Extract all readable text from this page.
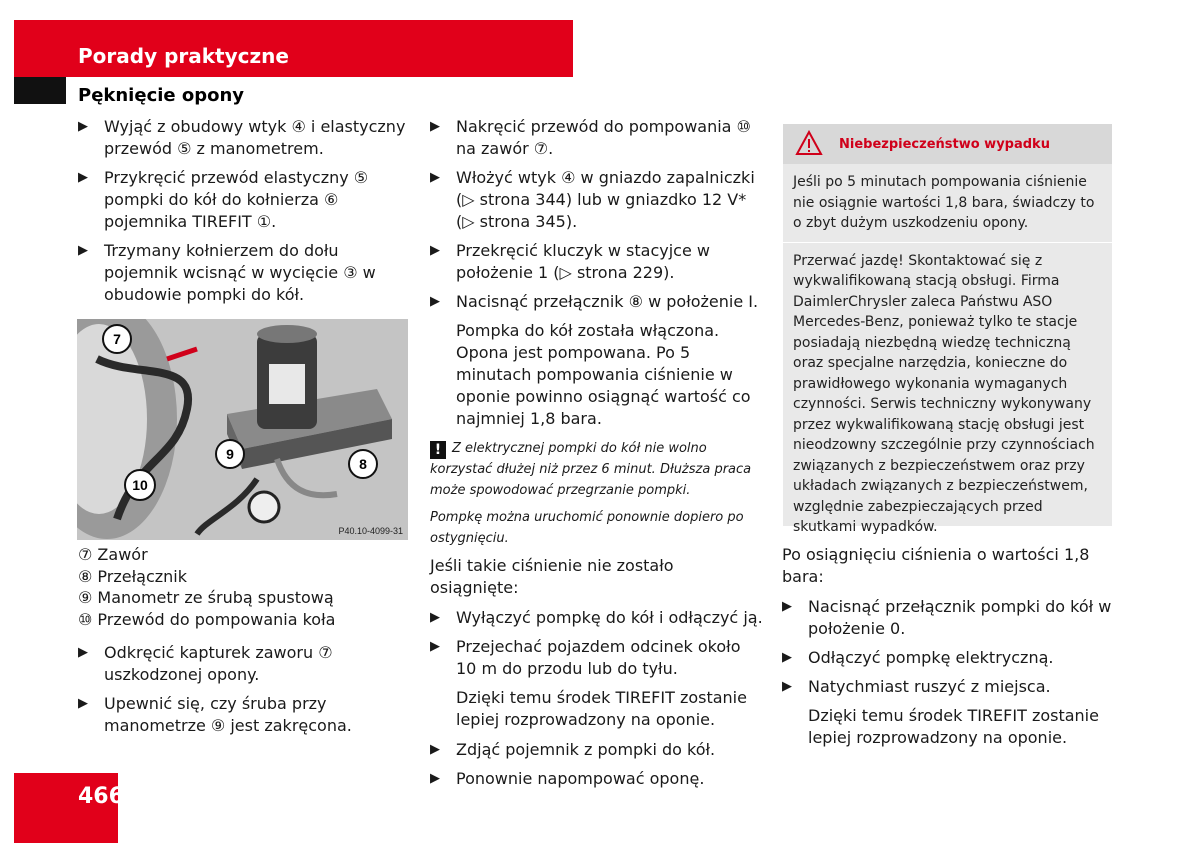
Porady praktyczne
Pęknięcie opony
▶ Wyjąć z obudowy wtyk ④ i elastyczny przewód ⑤ z manometrem.
▶ Przykręcić przewód elastyczny ⑤ pompki do kół do kołnierza ⑥ pojemnika TIREFIT ①.
▶ Trzymany kołnierzem do dołu pojemnik wcisnąć w wycięcie ③ w obudowie pompki do kół.
7
8
9
10
P40.10-4099-31
⑦ Zawór
⑧ Przełącznik
⑨ Manometr ze śrubą spustową
⑩ Przewód do pompowania koła
▶ Odkręcić kapturek zaworu ⑦ uszkodzonej opony.
▶ Upewnić się, czy śruba przy manometrze ⑨ jest zakręcona.
▶ Nakręcić przewód do pompowania ⑩ na zawór ⑦.
▶ Włożyć wtyk ④ w gniazdo zapalniczki (▷ strona 344) lub w gniazdko 12 V* (▷ strona 345).
▶ Przekręcić kluczyk w stacyjce w położenie 1 (▷ strona 229).
▶ Nacisnąć przełącznik ⑧ w położenie I.
Pompka do kół została włączona. Opona jest pompowana. Po 5 minutach pompowania ciśnienie w oponie powinno osiągnąć wartość co najmniej 1,8 bara.
! Z elektrycznej pompki do kół nie wolno korzystać dłużej niż przez 6 minut. Dłuższa praca może spowodować przegrzanie pompki.
Pompkę można uruchomić ponownie dopiero po ostygnięciu.
Jeśli takie ciśnienie nie zostało osiągnięte:
▶ Wyłączyć pompkę do kół i odłączyć ją.
▶ Przejechać pojazdem odcinek około 10 m do przodu lub do tyłu.
Dzięki temu środek TIREFIT zostanie lepiej rozprowadzony na oponie.
▶ Zdjąć pojemnik z pompki do kół.
▶ Ponownie napompować oponę.
Niebezpieczeństwo wypadku

Jeśli po 5 minutach pompowania ciśnienie nie osiągnie wartości 1,8 bara, świadczy to o zbyt dużym uszkodzeniu opony.

Przerwać jazdę! Skontaktować się z wykwalifikowaną stacją obsługi. Firma DaimlerChrysler zaleca Państwu ASO Mercedes-Benz, ponieważ tylko te stacje posiadają niezbędną wiedzę techniczną oraz specjalne narzędzia, konieczne do prawidłowego wykonania wymaganych czynności. Serwis techniczny wykonywany przez wykwalifikowaną stację obsługi jest nieodzowny szczególnie przy czynnościach związanych z bezpieczeństwem oraz przy układach związanych z bezpieczeństwem, względnie zabezpieczających przed skutkami wypadków.

Po osiągnięciu ciśnienia o wartości 1,8 bara:
▶ Nacisnąć przełącznik pompki do kół w położenie 0.
▶ Odłączyć pompkę elektryczną.
▶ Natychmiast ruszyć z miejsca.
Dzięki temu środek TIREFIT zostanie lepiej rozprowadzony na oponie.
466
